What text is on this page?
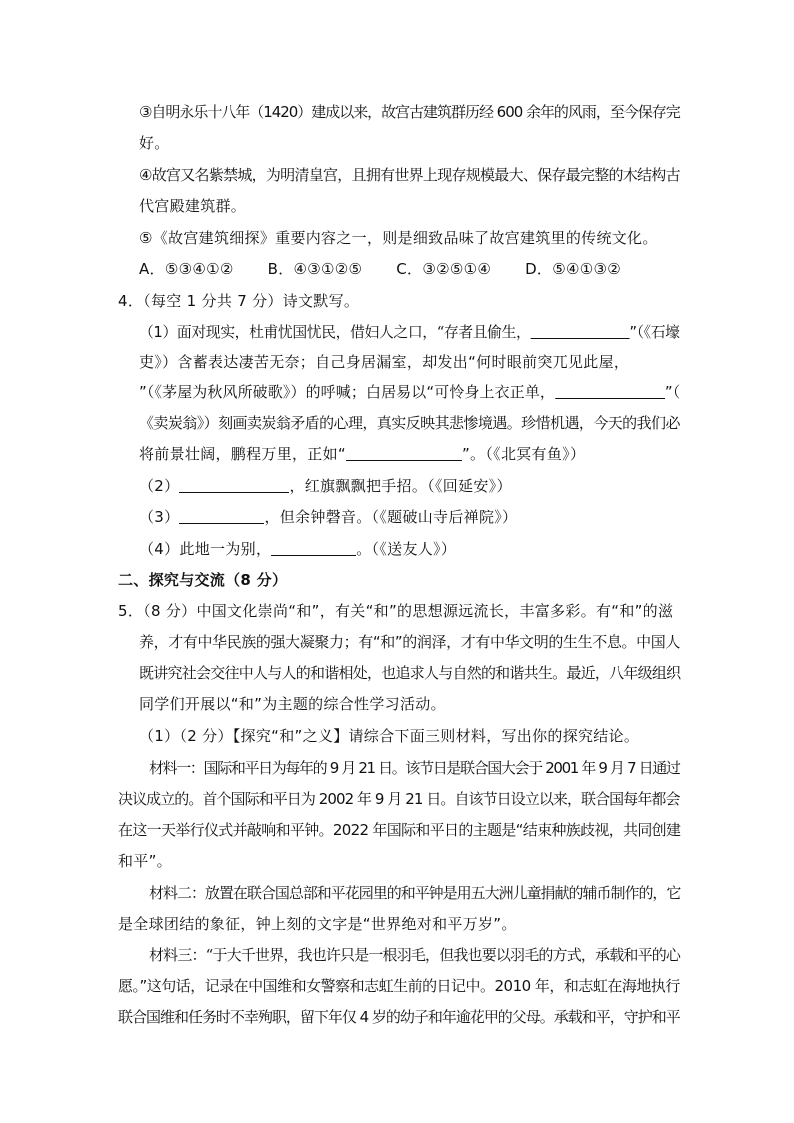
③自明永乐十八年（1420）建成以来，故宫古建筑群历经 600 余年的风雨，至今保存完
好。
④故宫又名紫禁城，为明清皇宫，且拥有世界上现存规模最大、保存最完整的木结构古
代宫殿建筑群。
⑤《故宫建筑细探》重要内容之一，则是细致品味了故宫建筑里的传统文化。
A．⑤③④①② B．④③①②⑤ C．③②⑤①④ D．⑤④①③②
4．（每空 1 分共 7 分）诗文默写。
（1）面对现实，杜甫忧国忧民，借妇人之口，“存者且偷生，	”（《石壕
吏》）含蓄表达凄苦无奈；自己身居漏室，却发出“何时眼前突兀见此屋，
”（《茅屋为秋风所破歌》）的呼喊；白居易以“可怜身上衣正单，	”（
《卖炭翁》）刻画卖炭翁矛盾的心理，真实反映其悲惨境遇。珍惜机遇，今天的我们必
将前景壮阔，鹏程万里，正如“	”。（《北冥有鱼》）
（2）	，红旗飘飘把手招。（《回延安》）
（3）	，但余钟磬音。（《题破山寺后禅院》）
（4）此地一为别，	。（《送友人》）
二、探究与交流（8 分）
5．（8 分）中国文化崇尚“和”，有关“和”的思想源远流长，丰富多彩。有“和”的滋
养，才有中华民族的强大凝聚力；有“和”的润泽，才有中华文明的生生不息。中国人
既讲究社会交往中人与人的和谐相处，也追求人与自然的和谐共生。最近，八年级组织
同学们开展以“和”为主题的综合性学习活动。
（1）（2 分）【探究“和”之义】请综合下面三则材料，写出你的探究结论。
材料一：国际和平日为每年的 9 月 21 日。该节日是联合国大会于 2001 年 9 月 7 日通过
决议成立的。首个国际和平日为 2002 年 9 月 21 日。自该节日设立以来，联合国每年都会
在这一天举行仪式并敲响和平钟。2022 年国际和平日的主题是“结束种族歧视，共同创建
和平”。
材料二：放置在联合国总部和平花园里的和平钟是用五大洲儿童捐献的辅币制作的，它
是全球团结的象征，钟上刻的文字是“世界绝对和平万岁”。
材料三：“于大千世界，我也许只是一根羽毛，但我也要以羽毛的方式，承载和平的心
愿。”这句话，记录在中国维和女警察和志虹生前的日记中。2010 年，和志虹在海地执行
联合国维和任务时不幸殉职，留下年仅 4 岁的幼子和年逾花甲的父母。承载和平，守护和平
